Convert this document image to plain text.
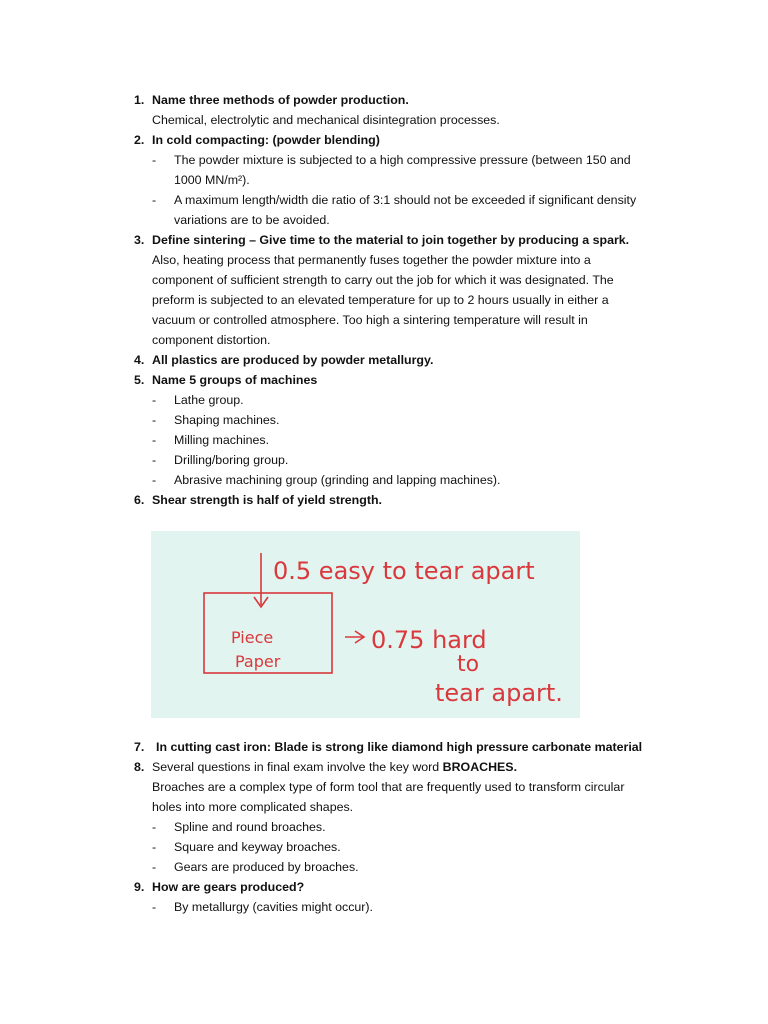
1. Name three methods of powder production.
Chemical, electrolytic and mechanical disintegration processes.
2. In cold compacting: (powder blending)
- The powder mixture is subjected to a high compressive pressure (between 150 and
1000 MN/m²).
- A maximum length/width die ratio of 3:1 should not be exceeded if significant density
variations are to be avoided.
3. Define sintering – Give time to the material to join together by producing a spark.
Also, heating process that permanently fuses together the powder mixture into a
component of sufficient strength to carry out the job for which it was designated. The
preform is subjected to an elevated temperature for up to 2 hours usually in either a
vacuum or controlled atmosphere. Too high a sintering temperature will result in
component distortion.
4. All plastics are produced by powder metallurgy.
5. Name 5 groups of machines
- Lathe group.
- Shaping machines.
- Milling machines.
- Drilling/boring group.
- Abrasive machining group (grinding and lapping machines).
6. Shear strength is half of yield strength.
0.5 easy to tear apart
Piece
Paper
0.75 hard
to
tear apart.
7. In cutting cast iron: Blade is strong like diamond high pressure carbonate material
8. Several questions in final exam involve the key word BROACHES.
Broaches are a complex type of form tool that are frequently used to transform circular
holes into more complicated shapes.
- Spline and round broaches.
- Square and keyway broaches.
- Gears are produced by broaches.
9. How are gears produced?
- By metallurgy (cavities might occur).
